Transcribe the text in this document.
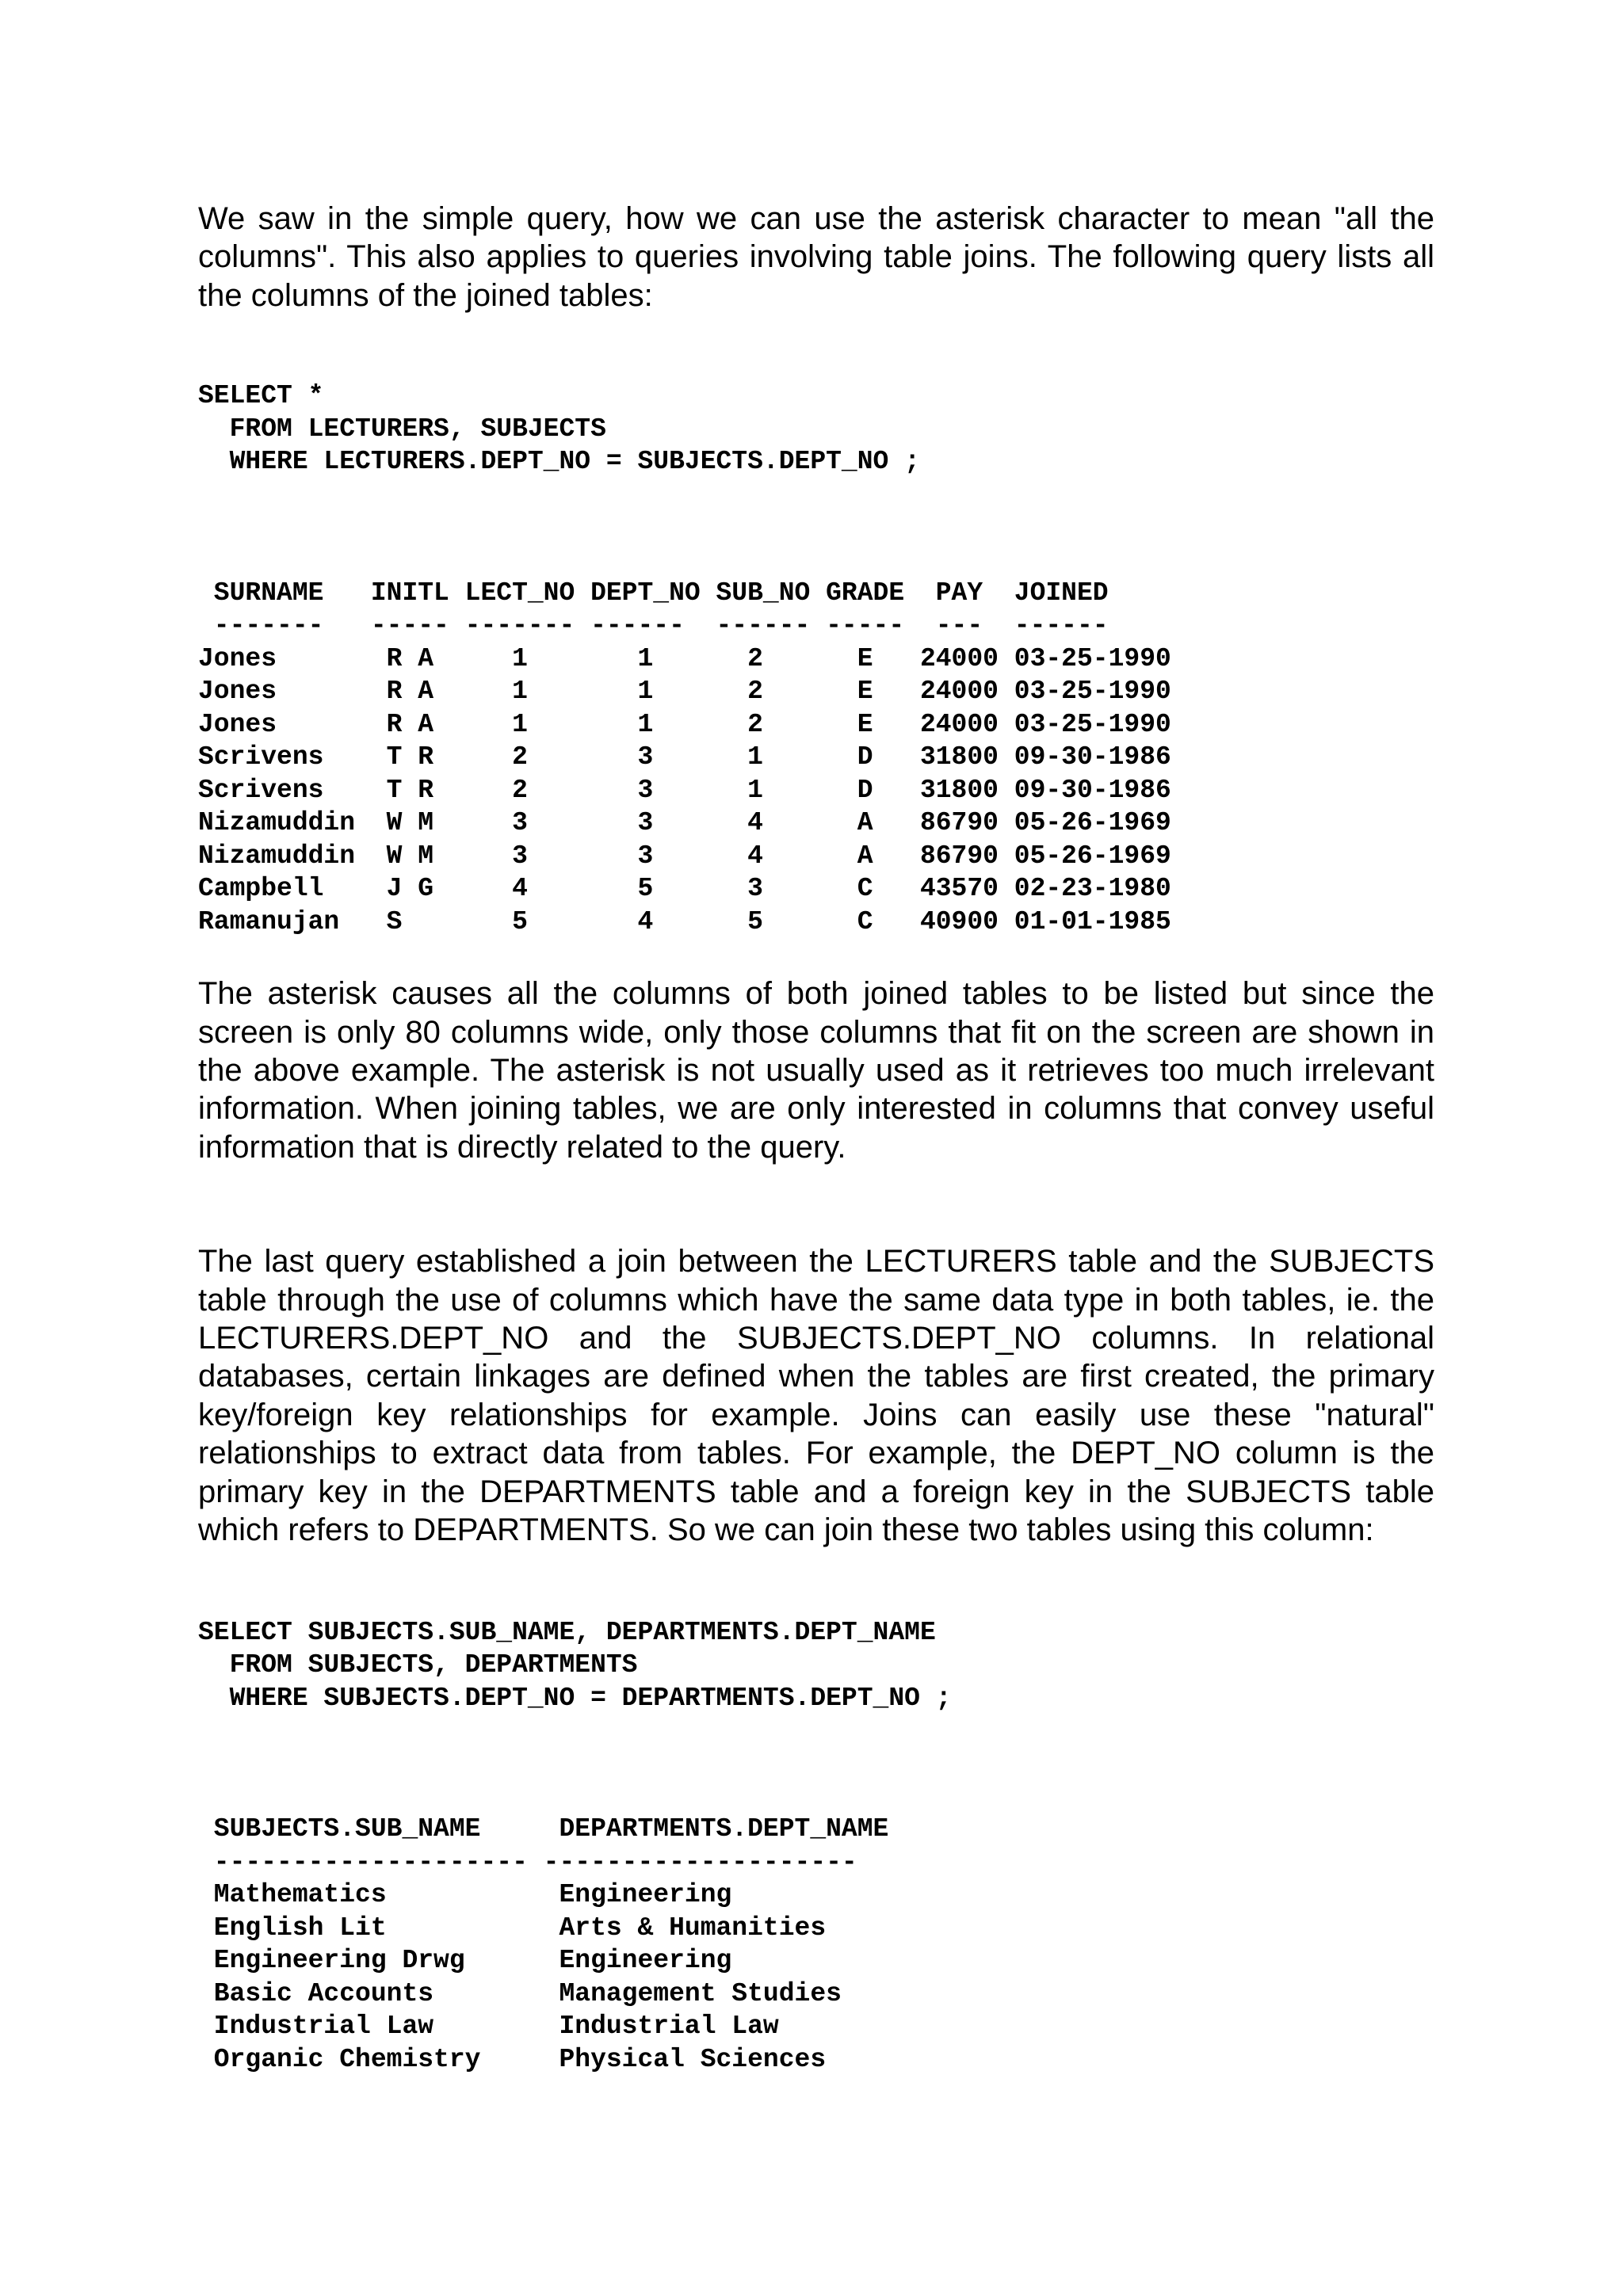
We saw in the simple query, how we can use the asterisk character to mean "all the columns". This also applies to queries involving table joins. The following query lists all the columns of the joined tables:

SELECT *
FROM LECTURERS, SUBJECTS
WHERE LECTURERS.DEPT_NO = SUBJECTS.DEPT_NO ;
SURNAME   INITL LECT_NO DEPT_NO SUB_NO GRADE  PAY  JOINED
-------   ----- ------- ------  ------ -----  ---  ------
Jones       R A     1       1      2      E   24000 03-25-1990
Jones       R A     1       1      2      E   24000 03-25-1990
Jones       R A     1       1      2      E   24000 03-25-1990
Scrivens    T R     2       3      1      D   31800 09-30-1986
Scrivens    T R     2       3      1      D   31800 09-30-1986
Nizamuddin  W M     3       3      4      A   86790 05-26-1969
Nizamuddin  W M     3       3      4      A   86790 05-26-1969
Campbell    J G     4       5      3      C   43570 02-23-1980
Ramanujan   S       5       4      5      C   40900 01-01-1985

The asterisk causes all the columns of both joined tables to be listed but since the screen is only 80 columns wide, only those columns that fit on the screen are shown in the above example. The asterisk is not usually used as it retrieves too much irrelevant information. When joining tables, we are only interested in columns that convey useful information that is directly related to the query.

The last query established a join between the LECTURERS table and the SUBJECTS table through the use of columns which have the same data type in both tables, ie. the LECTURERS.DEPT_NO and the SUBJECTS.DEPT_NO columns. In relational databases, certain linkages are defined when the tables are first created, the primary key/foreign key relationships for example. Joins can easily use these "natural" relationships to extract data from tables. For example, the DEPT_NO column is the primary key in the DEPARTMENTS table and a foreign key in the SUBJECTS table which refers to DEPARTMENTS. So we can join these two tables using this column:

SELECT SUBJECTS.SUB_NAME, DEPARTMENTS.DEPT_NAME
FROM SUBJECTS, DEPARTMENTS
WHERE SUBJECTS.DEPT_NO = DEPARTMENTS.DEPT_NO ;
SUBJECTS.SUB_NAME     DEPARTMENTS.DEPT_NAME
-------------------- --------------------
Mathematics           Engineering
English Lit           Arts & Humanities
Engineering Drwg      Engineering
Basic Accounts        Management Studies
Industrial Law        Industrial Law
Organic Chemistry     Physical Sciences
